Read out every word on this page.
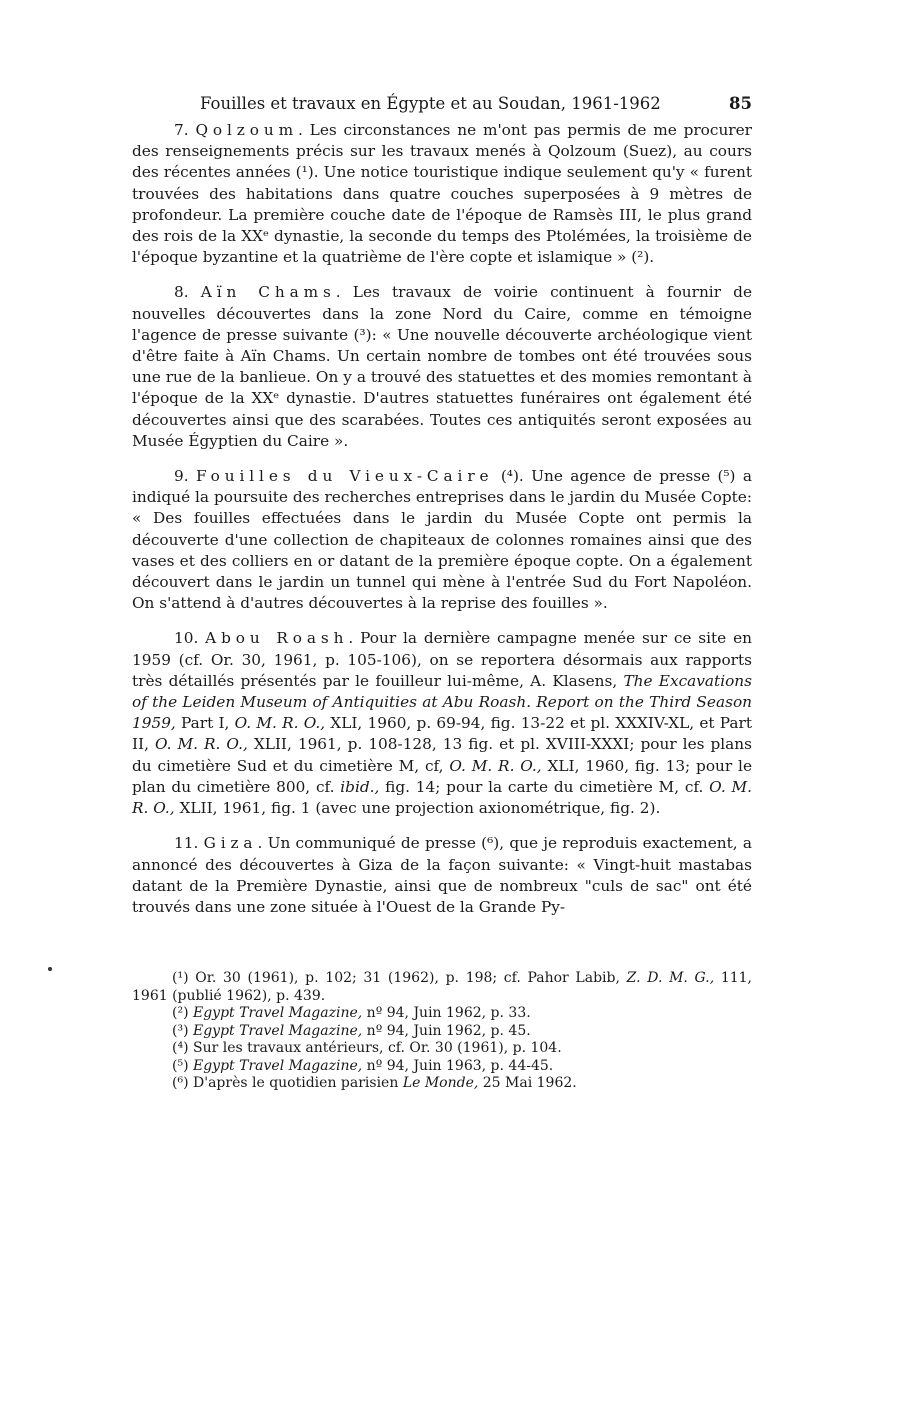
Fouilles et travaux en Égypte et au Soudan, 1961-1962	85

7. Qolzoum. Les circonstances ne m'ont pas permis de me procurer des renseignements précis sur les travaux menés à Qolzoum (Suez), au cours des récentes années (¹). Une notice touristique indique seulement qu'y « furent trouvées des habitations dans quatre couches superposées à 9 mètres de profondeur. La première couche date de l'époque de Ramsès III, le plus grand des rois de la XXᵉ dynastie, la seconde du temps des Ptolémées, la troisième de l'époque byzantine et la quatrième de l'ère copte et islamique » (²).

8. Aïn Chams. Les travaux de voirie continuent à fournir de nouvelles découvertes dans la zone Nord du Caire, comme en témoigne l'agence de presse suivante (³): « Une nouvelle découverte archéologique vient d'être faite à Aïn Chams. Un certain nombre de tombes ont été trouvées sous une rue de la banlieue. On y a trouvé des statuettes et des momies remontant à l'époque de la XXᵉ dynastie. D'autres statuettes funéraires ont également été découvertes ainsi que des scarabées. Toutes ces antiquités seront exposées au Musée Égyptien du Caire ».

9. Fouilles du Vieux-Caire (⁴). Une agence de presse (⁵) a indiqué la poursuite des recherches entreprises dans le jardin du Musée Copte: « Des fouilles effectuées dans le jardin du Musée Copte ont permis la découverte d'une collection de chapiteaux de colonnes romaines ainsi que des vases et des colliers en or datant de la première époque copte. On a également découvert dans le jardin un tunnel qui mène à l'entrée Sud du Fort Napoléon. On s'attend à d'autres découvertes à la reprise des fouilles ».

10. Abou Roash. Pour la dernière campagne menée sur ce site en 1959 (cf. Or. 30, 1961, p. 105-106), on se reportera désormais aux rapports très détaillés présentés par le fouilleur lui-même, A. Klasens, The Excavations of the Leiden Museum of Antiquities at Abu Roash. Report on the Third Season 1959, Part I, O. M. R. O., XLI, 1960, p. 69-94, fig. 13-22 et pl. XXXIV-XL, et Part II, O. M. R. O., XLII, 1961, p. 108-128, 13 fig. et pl. XVIII-XXXI; pour les plans du cimetière Sud et du cimetière M, cf, O. M. R. O., XLI, 1960, fig. 13; pour le plan du cimetière 800, cf. ibid., fig. 14; pour la carte du cimetière M, cf. O. M. R. O., XLII, 1961, fig. 1 (avec une projection axionométrique, fig. 2).

11. Giza. Un communiqué de presse (⁶), que je reproduis exactement, a annoncé des découvertes à Giza de la façon suivante: « Vingt-huit mastabas datant de la Première Dynastie, ainsi que de nombreux "culs de sac" ont été trouvés dans une zone située à l'Ouest de la Grande Py-

(¹) Or. 30 (1961), p. 102; 31 (1962), p. 198; cf. Pahor Labib, Z. D. M. G., 111, 1961 (publié 1962), p. 439.
(²) Egypt Travel Magazine, nº 94, Juin 1962, p. 33.
(³) Egypt Travel Magazine, nº 94, Juin 1962, p. 45.
(⁴) Sur les travaux antérieurs, cf. Or. 30 (1961), p. 104.
(⁵) Egypt Travel Magazine, nº 94, Juin 1963, p. 44-45.
(⁶) D'après le quotidien parisien Le Monde, 25 Mai 1962.
